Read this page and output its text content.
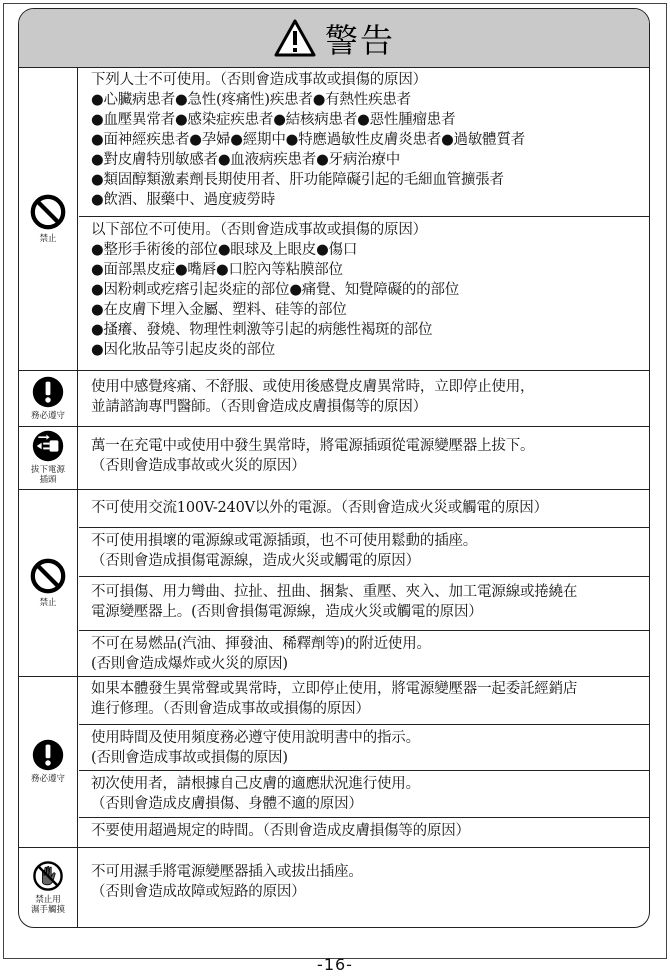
警告
禁止
下列人士不可使用。（否則會造成事故或損傷的原因）
●心臟病患者●急性(疼痛性)疾患者●有熱性疾患者
●血壓異常者●感染症疾患者●結核病患者●惡性腫瘤患者
●面神經疾患者●孕婦●經期中●特應過敏性皮膚炎患者●過敏體質者
●對皮膚特別敏感者●血液病疾患者●牙病治療中
●類固醇類激素劑長期使用者、肝功能障礙引起的毛細血管擴張者
●飲酒、服藥中、過度疲勞時
以下部位不可使用。（否則會造成事故或損傷的原因）
●整形手術後的部位●眼球及上眼皮●傷口
●面部黑皮症●嘴唇●口腔內等粘膜部位
●因粉刺或疙瘩引起炎症的部位●痛覺、知覺障礙的的部位
●在皮膚下埋入金屬、塑料、硅等的部位
●搔癢、發燒、物理性刺激等引起的病態性褐斑的部位
●因化妝品等引起皮炎的部位
務必遵守
使用中感覺疼痛、不舒服、或使用後感覺皮膚異常時，立即停止使用，
並請諮詢專門醫師。（否則會造成皮膚損傷等的原因）
拔下電源
插頭
萬一在充電中或使用中發生異常時，將電源插頭從電源變壓器上拔下。
（否則會造成事故或火災的原因）
禁止
不可使用交流100V-240V以外的電源。（否則會造成火災或觸電的原因）
不可使用損壞的電源線或電源插頭，也不可使用鬆動的插座。
（否則會造成損傷電源線，造成火災或觸電的原因）
不可損傷、用力彎曲、拉扯、扭曲、捆紮、重壓、夾入、加工電源線或捲繞在
電源變壓器上。(否則會損傷電源線，造成火災或觸電的原因）
不可在易燃品(汽油、揮發油、稀釋劑等)的附近使用。
(否則會造成爆炸或火災的原因)
務必遵守
如果本體發生異常聲或異常時，立即停止使用，將電源變壓器一起委託經銷店
進行修理。（否則會造成事故或損傷的原因）
使用時間及使用頻度務必遵守使用說明書中的指示。
(否則會造成事故或損傷的原因)
初次使用者，請根據自己皮膚的適應狀況進行使用。
（否則會造成皮膚損傷、身體不適的原因）
不要使用超過規定的時間。（否則會造成皮膚損傷等的原因）
禁止用
濕手觸摸
不可用濕手將電源變壓器插入或拔出插座。
（否則會造成故障或短路的原因）
-16-
